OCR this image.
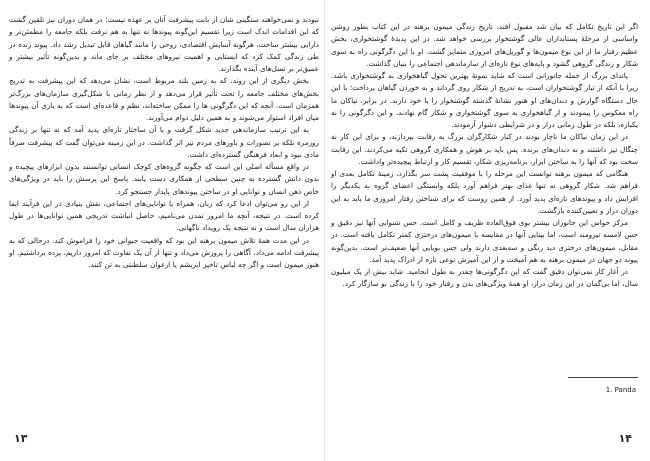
نبودند و نمی‌خواهند سنگینی شان از بابت پیشرفت آنان بر عهده نیست؛ در همان دوران نیز تلقین گشت که این اقدامات اندک است زیرا تقسیم این‌گونه پیوندها نه تنها به هم نرفت بلکه جامعه را مطمئن‌تر و دارایی بیشتر ساخت، هرگونه آسایش اقتصادی، روحی را مانند گیاهان قابل تبدیل رشد داد. پیوند زنده در طی زندگی کمک کرد که ایستایی و اهمیت نیروهای مختلف بر جای ماند و بدین‌گونه تأثیر بیشتر و عمیق‌تر بر نسل‌های آینده بگذارند.

بخش دیگری از این روند، که به زمین بلند مربوط است، نشان می‌دهد که این پیشرفت به تدریج بخش‌های مختلف جامعه را تحت تأثیر قرار می‌دهد و از نظر زمانی با شکل‌گیری سازمان‌های بزرگ‌تر همزمان است. آنچه که این دگرگونی ها را ممکن ساخته‌اند، نظم و قاعده‌ای است که به یاری آن پیوندها میان افراد استوار می‌شوند و به همین دلیل دوام می‌آورند.

به این ترتیب سازماندهی جدید شکل گرفت و با آن ساختار تازه‌ای پدید آمد که نه تنها بر زندگی روزمره بلکه بر تصورات و باورهای مردم نیز اثر گذاشت. در این زمینه می‌توان گفت که پیشرفت صرفاً مادی نبود و ابعاد فرهنگی گسترده‌ای داشت.

در واقع مسأله اصلی این است که چگونه گروه‌های کوچک انسانی توانستند بدون ابزارهای پیچیده و بدون دانش گسترده به چنین سطحی از همکاری دست یابند. پاسخ این پرسش را باید در ویژگی‌های خاص ذهن انسان و توانایی او در ساختن پیوندهای پایدار جستجو کرد.

از این رو می‌توان ادعا کرد که زبان، همراه با توانایی‌های اجتماعی، نقش بنیادی در این فرآیند ایفا کرده است. در نتیجه، آنچه ما امروز تمدن می‌نامیم، حاصل انباشت تدریجی همین توانایی‌ها در طول هزاران سال است و نه نتیجه یک رویداد ناگهانی.

در این مدت همهٔ تلاش میمون برهنه این بود که واقعیت حیوانی خود را فراموش کند. درحالی که به پیشرفت ادامه می‌داد، آگاهی را پرورش می‌داد و تنها از آن یک تفاوت که امروز داریم، پرده برداشتیم. او هنوز میمون است و اگر چه لباس تاخیر ابریشم یا ارغوان سلطنتی به تن کنند.

۱۳

اگر این تاریخ تکامل که بیان شد مقبول افتد، تاریخ زندگی میمون برهنه در این کتاب بطور روشن واساسی از مرحلهٔ پستانداران عالی گوشتخوار بررسی خواهد شد. در این پدیدهٔ گوشتخواری، بخش عظیم رفتار ما از این نوع میمون‌ها و گوریل‌های امروزی متمایز گشت. او با این دگرگونی راه به سوی شکار و زندگی گروهی گشود و پایه‌های نوع تازه‌ای از سازماندهی اجتماعی را بنیان گذاشت.

پاندای بزرگ از جمله جانورانی است که شاید نمونهٔ بهترین تحول گیاهخواری به گوشتخواری باشد. زیرا با آنکه از تبار گوشتخواران است، به تدریج از شکار روی گرداند و به خوردن گیاهان پرداخت؛ با این حال دستگاه گوارش و دندان‌های او هنوز نشانهٔ گذشته گوشتخوار را با خود دارند. در برابر، نیاکان ما راه معکوس را پیمودند و از گیاهخواری به سوی گوشتخواری و شکار گام نهادند، و این دگرگونی را نه یکباره، بلکه در طول زمانی دراز و در شرایطی دشوار آزمودند.

در این زمان نیاکان ما ناچار بودند در کنار شکارگران بزرگ به رقابت بپردازند، و برای این کار نه چنگال تیز داشتند و نه دندان‌های برنده. پس باید بر هوش و همکاری گروهی تکیه می‌کردند. این رقابت سخت بود که آنها را به ساختن ابزار، برنامه‌ریزی شکار، تقسیم کار و ارتباط پیچیده‌تر واداشت.

هنگامی که میمون برهنه توانست این مرحله را با موفقیت پشت سر بگذارد، زمینهٔ تکامل بعدی او فراهم شد. شکار گروهی نه تنها غذای بهتر فراهم آورد بلکه وابستگی اعضای گروه به یکدیگر را افزایش داد و پیوندهای تازه‌ای پدید آورد. از همین روست که برای شناختن رفتار امروزی ما باید به این دوران دراز و تعیین‌کننده بازگشت.

مرکز حواس این جانوران بیشتر بوی فوق‌العاده ظریف و کامل است. حس شنوایی آنها نیز دقیق و حس لامسه نیرومند است، اما بینایی آنها در مقایسه با میمون‌های درختزی کمتر تکامل یافته است. در مقابل، میمون‌های درختزی دید رنگی و سه‌بعدی دارند ولی حس بویایی آنها ضعیف‌تر است. بدین‌گونه پیوند دو جهان در میمون برهنه به هم آمیخت و از این آمیزش نوعی تازه از ادراک پدید آمد.

در آغاز کار نمی‌توان دقیق گفت که این دگرگونی‌ها چقدر به طول انجامید. شاید بیش از یک میلیون سال، اما بی‌گمان در این زمان دراز، او همهٔ ویژگی‌های بدن و رفتار خود را با زندگی نو سازگار کرد.

1. Panda
۱۴
